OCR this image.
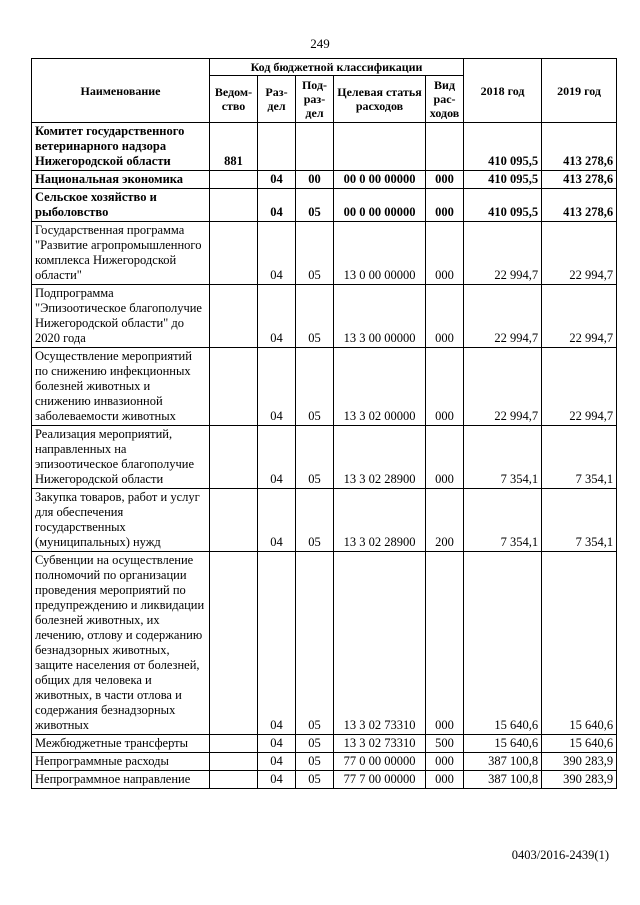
249
Наименование	Код бюджетной классификации					2018 год	2019 год
	Ведом-ство	Раз-дел	Под-раз-дел	Целевая статья расходов	Вид рас-ходов		
Комитет государственного ветеринарного надзора Нижегородской области	881					410 095,5	413 278,6
Национальная экономика		04	00	00 0 00 00000	000	410 095,5	413 278,6
Сельское хозяйство и рыболовство		04	05	00 0 00 00000	000	410 095,5	413 278,6
Государственная программа "Развитие агропромышленного комплекса Нижегородской области"		04	05	13 0 00 00000	000	22 994,7	22 994,7
Подпрограмма "Эпизоотическое благополучие Нижегородской области" до 2020 года		04	05	13 3 00 00000	000	22 994,7	22 994,7
Осуществление мероприятий по снижению инфекционных болезней животных и снижению инвазионной заболеваемости животных		04	05	13 3 02 00000	000	22 994,7	22 994,7
Реализация мероприятий, направленных на эпизоотическое благополучие Нижегородской области		04	05	13 3 02 28900	000	7 354,1	7 354,1
Закупка товаров, работ и услуг для обеспечения государственных (муниципальных) нужд		04	05	13 3 02 28900	200	7 354,1	7 354,1
Субвенции на осуществление полномочий по организации проведения мероприятий по предупреждению и ликвидации болезней животных, их лечению, отлову и содержанию безнадзорных животных, защите населения от болезней, общих для человека и животных, в части отлова и содержания безнадзорных животных		04	05	13 3 02 73310	000	15 640,6	15 640,6
Межбюджетные трансферты		04	05	13 3 02 73310	500	15 640,6	15 640,6
Непрограммные расходы		04	05	77 0 00 00000	000	387 100,8	390 283,9
Непрограммное направление		04	05	77 7 00 00000	000	387 100,8	390 283,9
0403/2016-2439(1)
